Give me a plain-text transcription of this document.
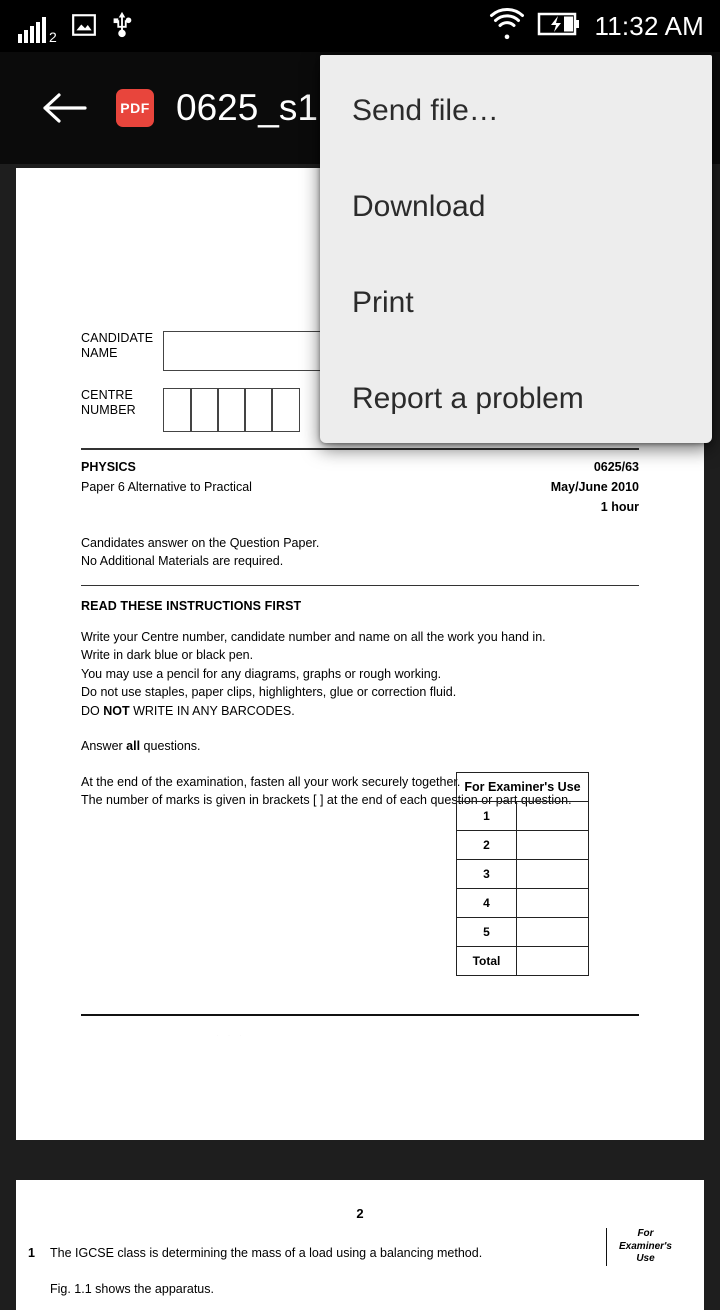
2	11:32 AM
PDF 0625_s1
CANDIDATE
NAME
CENTRE
NUMBER
PHYSICS	0625/63
Paper 6 Alternative to Practical	May/June 2010
1 hour
Candidates answer on the Question Paper.
No Additional Materials are required.
READ THESE INSTRUCTIONS FIRST
Write your Centre number, candidate number and name on all the work you hand in.
Write in dark blue or black pen.
You may use a pencil for any diagrams, graphs or rough working.
Do not use staples, paper clips, highlighters, glue or correction fluid.
DO NOT WRITE IN ANY BARCODES.
Answer all questions.
At the end of the examination, fasten all your work securely together.
The number of marks is given in brackets [ ] at the end of each question or part question.
For Examiner's Use	
1	
2	
3	
4	
5	
Total	
· · ·
2
1	The IGCSE class is determining the mass of a load using a balancing method.
Fig. 1.1 shows the apparatus.
For
Examiner's
Use
Send file…
Download
Print
Report a problem
